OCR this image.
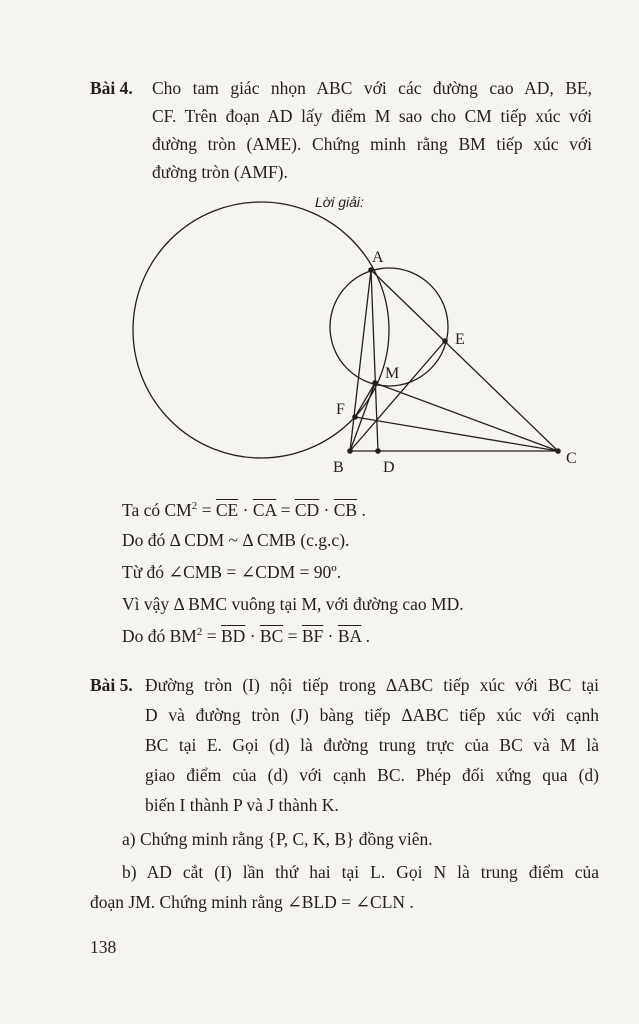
Bài 4. Cho tam giác nhọn ABC với các đường cao AD, BE,
CF. Trên đoạn AD lấy điểm M sao cho CM tiếp xúc với
đường tròn (AME). Chứng minh rằng BM tiếp xúc với
đường tròn (AMF).
Lời giải:
A
B
C
D
E
F
M
Ta có $CM^2 = \overline{CE} \cdot \overline{CA} = \overline{CD} \cdot \overline{CB}$ .
Do đó Δ CDM ~ Δ CMB (c.g.c).
Từ đó ∠CMB = ∠CDM = 90º.
Vì vậy Δ BMC vuông tại M, với đường cao MD.
Do đó $BM^2 = \overline{BD} \cdot \overline{BC} = \overline{BF} \cdot \overline{BA}$ .
Bài 5. Đường tròn (I) nội tiếp trong ΔABC tiếp xúc với BC tại
D và đường tròn (J) bàng tiếp ΔABC tiếp xúc với cạnh
BC tại E. Gọi (d) là đường trung trực của BC và M là
giao điểm của (d) với cạnh BC. Phép đối xứng qua (d)
biến I thành P và J thành K.
a) Chứng minh rằng {P, C, K, B} đồng viên.
b) AD cắt (I) lần thứ hai tại L. Gọi N là trung điểm của
đoạn JM. Chứng minh rằng ∠BLD = ∠CLN .
138
